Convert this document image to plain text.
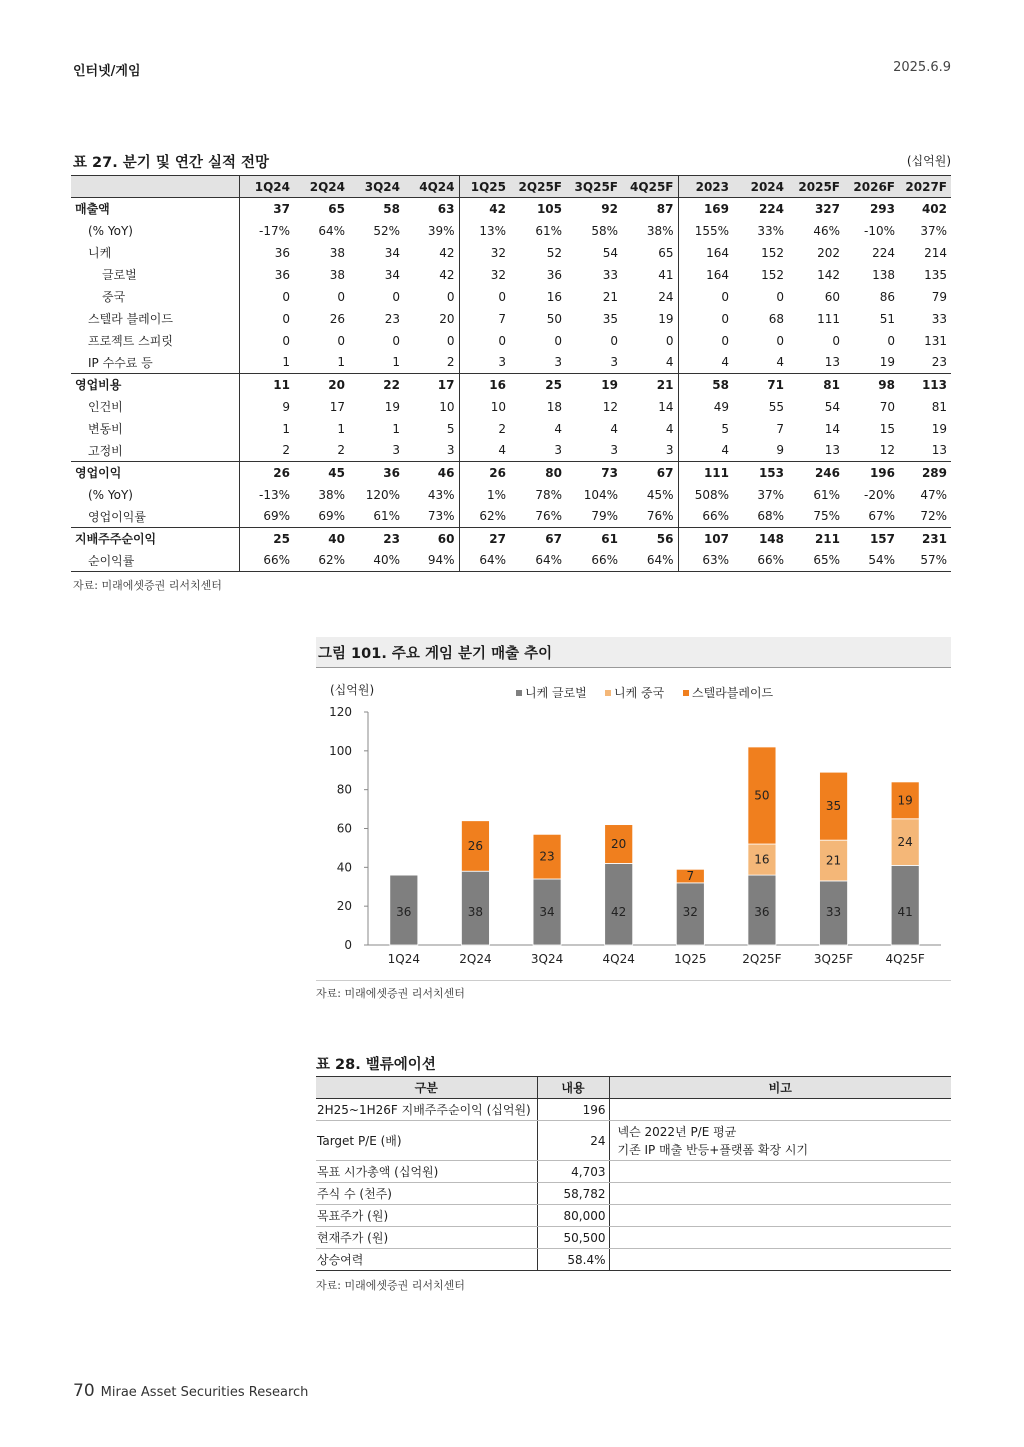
인터넷/게임	2025.6.9
표 27. 분기 및 연간 실적 전망	(십억원)
	1Q24	2Q24	3Q24	4Q24	1Q25	2Q25F	3Q25F	4Q25F	2023	2024	2025F	2026F	2027F
매출액	37	65	58	63	42	105	92	87	169	224	327	293	402
(% YoY)	-17%	64%	52%	39%	13%	61%	58%	38%	155%	33%	46%	-10%	37%
니케	36	38	34	42	32	52	54	65	164	152	202	224	214
글로벌	36	38	34	42	32	36	33	41	164	152	142	138	135
중국	0	0	0	0	0	16	21	24	0	0	60	86	79
스텔라 블레이드	0	26	23	20	7	50	35	19	0	68	111	51	33
프로젝트 스피릿	0	0	0	0	0	0	0	0	0	0	0	0	131
IP 수수료 등	1	1	1	2	3	3	3	4	4	4	13	19	23
영업비용	11	20	22	17	16	25	19	21	58	71	81	98	113
인건비	9	17	19	10	10	18	12	14	49	55	54	70	81
변동비	1	1	1	5	2	4	4	4	5	7	14	15	19
고정비	2	2	3	3	4	3	3	3	4	9	13	12	13
영업이익	26	45	36	46	26	80	73	67	111	153	246	196	289
(% YoY)	-13%	38%	120%	43%	1%	78%	104%	45%	508%	37%	61%	-20%	47%
영업이익률	69%	69%	61%	73%	62%	76%	79%	76%	66%	68%	75%	67%	72%
지배주주순이익	25	40	23	60	27	67	61	56	107	148	211	157	231
순이익률	66%	62%	40%	94%	64%	64%	66%	64%	63%	66%	65%	54%	57%
자료: 미래에셋증권 리서치센터
그림 101. 주요 게임 분기 매출 추이
(십억원)
0
20
40
60
80
100
120
36
1Q24
38
26
2Q24
34
23
3Q24
42
20
4Q24
32
7
1Q25
36
16
50
2Q25F
33
21
35
3Q25F
41
24
19
4Q25F
니케 글로벌 니케 중국 스텔라블레이드
자료: 미래에셋증권 리서치센터
표 28. 밸류에이션
구분	내용	비고
2H25~1H26F 지배주주순이익 (십억원)	196	
Target P/E (배)	24	넥슨 2022년 P/E 평균
기존 IP 매출 반등+플랫폼 확장 시기

목표 시가총액 (십억원)	4,703	
주식 수 (천주)	58,782	
목표주가 (원)	80,000	
현재주가 (원)	50,500	
상승여력	58.4%	
자료: 미래에셋증권 리서치센터
70 Mirae Asset Securities Research
